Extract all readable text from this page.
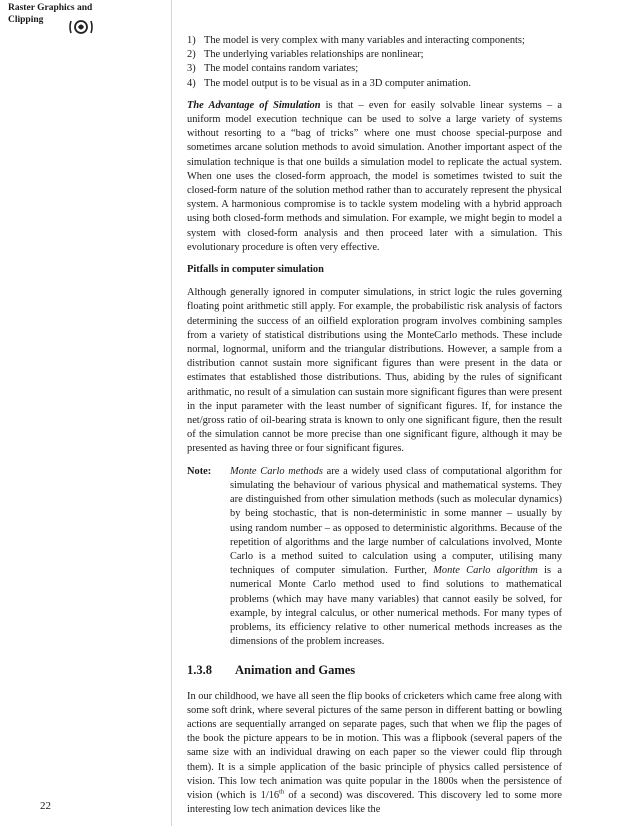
Raster Graphics and
Clipping
1) The model is very complex with many variables and interacting components;
2) The underlying variables relationships are nonlinear;
3) The model contains random variates;
4) The model output is to be visual as in a 3D computer animation.

The Advantage of Simulation is that – even for easily solvable linear systems – a uniform model execution technique can be used to solve a large variety of systems without resorting to a “bag of tricks” where one must choose special-purpose and sometimes arcane solution methods to avoid simulation. Another important aspect of the simulation technique is that one builds a simulation model to replicate the actual system. When one uses the closed-form approach, the model is sometimes twisted to suit the closed-form nature of the solution method rather than to accurately represent the physical system. A harmonious compromise is to tackle system modeling with a hybrid approach using both closed-form methods and simulation. For example, we might begin to model a system with closed-form analysis and then proceed later with a simulation. This evolutionary procedure is often very effective.

Pitfalls in computer simulation

Although generally ignored in computer simulations, in strict logic the rules governing floating point arithmetic still apply. For example, the probabilistic risk analysis of factors determining the success of an oilfield exploration program involves combining samples from a variety of statistical distributions using the MonteCarlo methods. These include normal, lognormal, uniform and the triangular distributions. However, a sample from a distribution cannot sustain more significant figures than were present in the data or estimates that established those distributions. Thus, abiding by the rules of significant arithmatic, no result of a simulation can sustain more significant figures than were present in the input parameter with the least number of significant figures. If, for instance the net/gross ratio of oil-bearing strata is known to only one significant figure, then the result of the simulation cannot be more precise than one significant figure, although it may be presented as having three or four significant figures.

Note:	Monte Carlo methods are a widely used class of computational algorithm for simulating the behaviour of various physical and mathematical systems. They are distinguished from other simulation methods (such as molecular dynamics) by being stochastic, that is non-deterministic in some manner – usually by using random number – as opposed to deterministic algorithms. Because of the repetition of algorithms and the large number of calculations involved, Monte Carlo is a method suited to calculation using a computer, utilising many techniques of computer simulation. Further, Monte Carlo algorithm is a numerical Monte Carlo method used to find solutions to mathematical problems (which may have many variables) that cannot easily be solved, for example, by integral calculus, or other numerical methods. For many types of problems, its efficiency relative to other numerical methods increases as the dimensions of the problem increases.
1.3.8	Animation and Games

In our childhood, we have all seen the flip books of cricketers which came free along with some soft drink, where several pictures of the same person in different batting or bowling actions are sequentially arranged on separate pages, such that when we flip the pages of the book the picture appears to be in motion. This was a flipbook (several papers of the same size with an individual drawing on each paper so the viewer could flip through them). It is a simple application of the basic principle of physics called persistence of vision. This low tech animation was quite popular in the 1800s when the persistence of vision (which is 1/16th of a second) was discovered. This discovery led to some more interesting low tech animation devices like the

22
